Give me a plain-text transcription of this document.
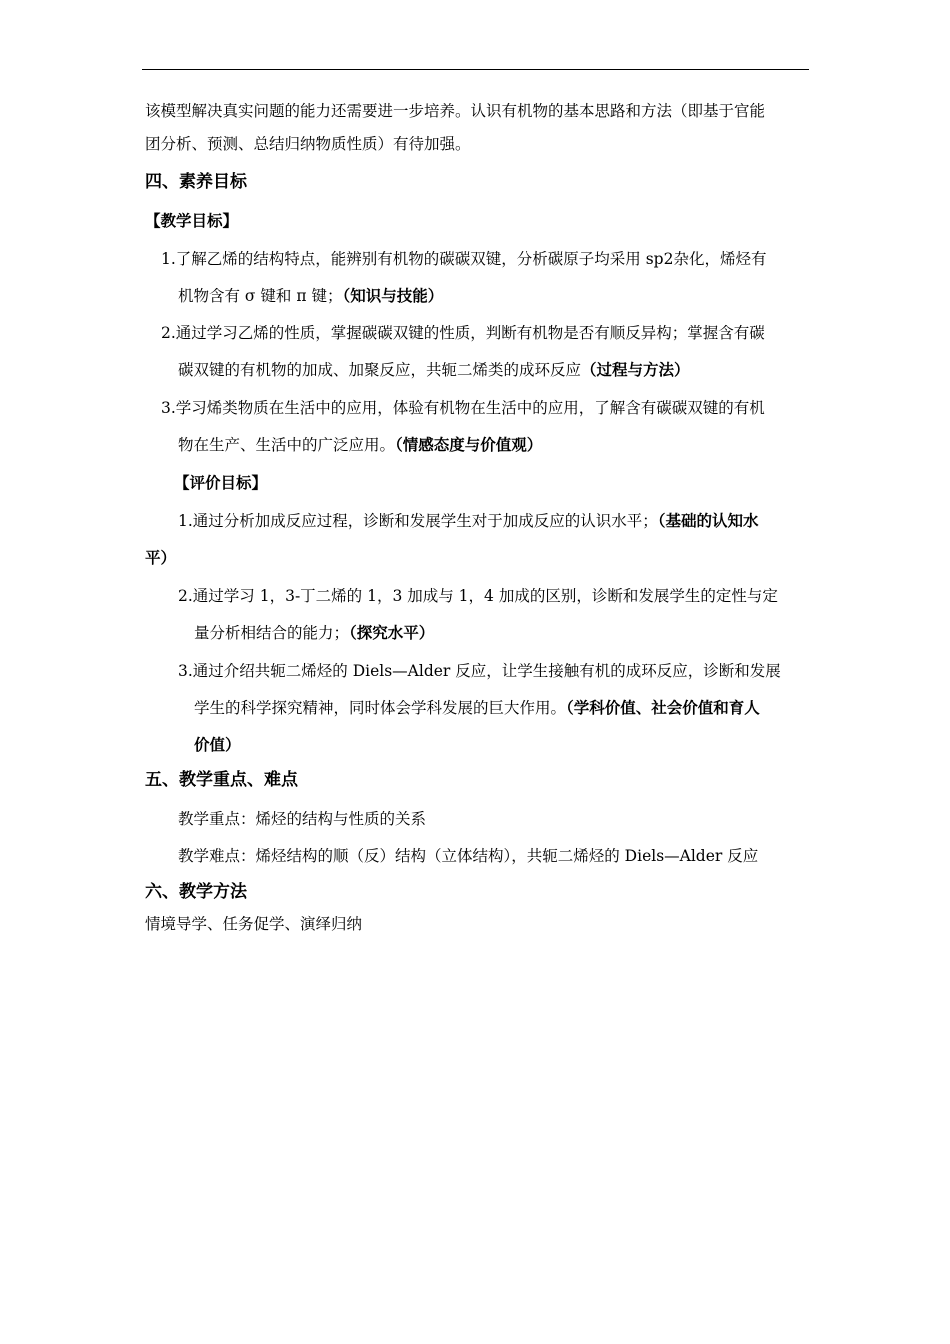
该模型解决真实问题的能力还需要进一步培养。认识有机物的基本思路和方法（即基于官能
团分析、预测、总结归纳物质性质）有待加强。
四、素养目标
【教学目标】
1.了解乙烯的结构特点，能辨别有机物的碳碳双键，分析碳原子均采用 sp2杂化，烯烃有
机物含有 σ 键和 π 键；（知识与技能）
2.通过学习乙烯的性质，掌握碳碳双键的性质，判断有机物是否有顺反异构；掌握含有碳
碳双键的有机物的加成、加聚反应，共轭二烯类的成环反应（过程与方法）
3.学习烯类物质在生活中的应用，体验有机物在生活中的应用，了解含有碳碳双键的有机
物在生产、生活中的广泛应用。（情感态度与价值观）
【评价目标】
1.通过分析加成反应过程，诊断和发展学生对于加成反应的认识水平；（基础的认知水
平）
2.通过学习 1，3-丁二烯的 1，3 加成与 1，4 加成的区别，诊断和发展学生的定性与定
量分析相结合的能力；（探究水平）
3.通过介绍共轭二烯烃的 Diels—Alder 反应，让学生接触有机的成环反应，诊断和发展
学生的科学探究精神，同时体会学科发展的巨大作用。（学科价值、社会价值和育人
价值）
五、教学重点、难点
教学重点：烯烃的结构与性质的关系
教学难点：烯烃结构的顺（反）结构（立体结构），共轭二烯烃的 Diels—Alder 反应
六、教学方法
情境导学、任务促学、演绎归纳
